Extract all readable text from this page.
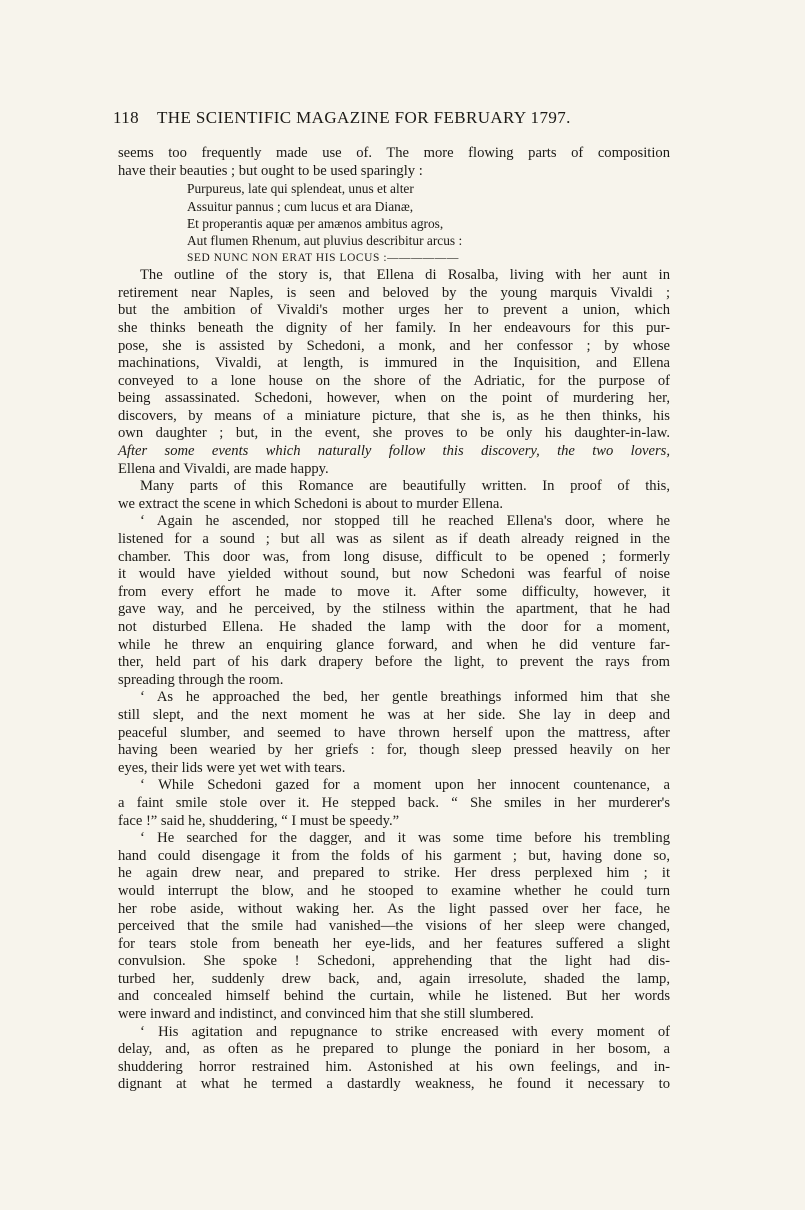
118 THE SCIENTIFIC MAGAZINE FOR FEBRUARY 1797.
seems too frequently made use of. The more flowing parts of composition
have their beauties ; but ought to be used sparingly :
Purpureus, late qui splendeat, unus et alter
Assuitur pannus ; cum lucus et ara Dianæ,
Et properantis aquæ per amænos ambitus agros,
Aut flumen Rhenum, aut pluvius describitur arcus :
SED NUNC NON ERAT HIS LOCUS :——————
The outline of the story is, that Ellena di Rosalba, living with her aunt in
retirement near Naples, is seen and beloved by the young marquis Vivaldi ;
but the ambition of Vivaldi's mother urges her to prevent a union, which
she thinks beneath the dignity of her family. In her endeavours for this pur-
pose, she is assisted by Schedoni, a monk, and her confessor ; by whose
machinations, Vivaldi, at length, is immured in the Inquisition, and Ellena
conveyed to a lone house on the shore of the Adriatic, for the purpose of
being assassinated. Schedoni, however, when on the point of murdering her,
discovers, by means of a miniature picture, that she is, as he then thinks, his
own daughter ; but, in the event, she proves to be only his daughter-in-law.
After some events which naturally follow this discovery, the two lovers,
Ellena and Vivaldi, are made happy.
Many parts of this Romance are beautifully written. In proof of this,
we extract the scene in which Schedoni is about to murder Ellena.
‘ Again he ascended, nor stopped till he reached Ellena's door, where he
listened for a sound ; but all was as silent as if death already reigned in the
chamber. This door was, from long disuse, difficult to be opened ; formerly
it would have yielded without sound, but now Schedoni was fearful of noise
from every effort he made to move it. After some difficulty, however, it
gave way, and he perceived, by the stilness within the apartment, that he had
not disturbed Ellena. He shaded the lamp with the door for a moment,
while he threw an enquiring glance forward, and when he did venture far-
ther, held part of his dark drapery before the light, to prevent the rays from
spreading through the room.
‘ As he approached the bed, her gentle breathings informed him that she
still slept, and the next moment he was at her side. She lay in deep and
peaceful slumber, and seemed to have thrown herself upon the mattress, after
having been wearied by her griefs : for, though sleep pressed heavily on her
eyes, their lids were yet wet with tears.
‘ While Schedoni gazed for a moment upon her innocent countenance, a
a faint smile stole over it. He stepped back. “ She smiles in her murderer's
face !” said he, shuddering, “ I must be speedy.”
‘ He searched for the dagger, and it was some time before his trembling
hand could disengage it from the folds of his garment ; but, having done so,
he again drew near, and prepared to strike. Her dress perplexed him ; it
would interrupt the blow, and he stooped to examine whether he could turn
her robe aside, without waking her. As the light passed over her face, he
perceived that the smile had vanished—the visions of her sleep were changed,
for tears stole from beneath her eye-lids, and her features suffered a slight
convulsion. She spoke ! Schedoni, apprehending that the light had dis-
turbed her, suddenly drew back, and, again irresolute, shaded the lamp,
and concealed himself behind the curtain, while he listened. But her words
were inward and indistinct, and convinced him that she still slumbered.
‘ His agitation and repugnance to strike encreased with every moment of
delay, and, as often as he prepared to plunge the poniard in her bosom, a
shuddering horror restrained him. Astonished at his own feelings, and in-
dignant at what he termed a dastardly weakness, he found it necessary to
